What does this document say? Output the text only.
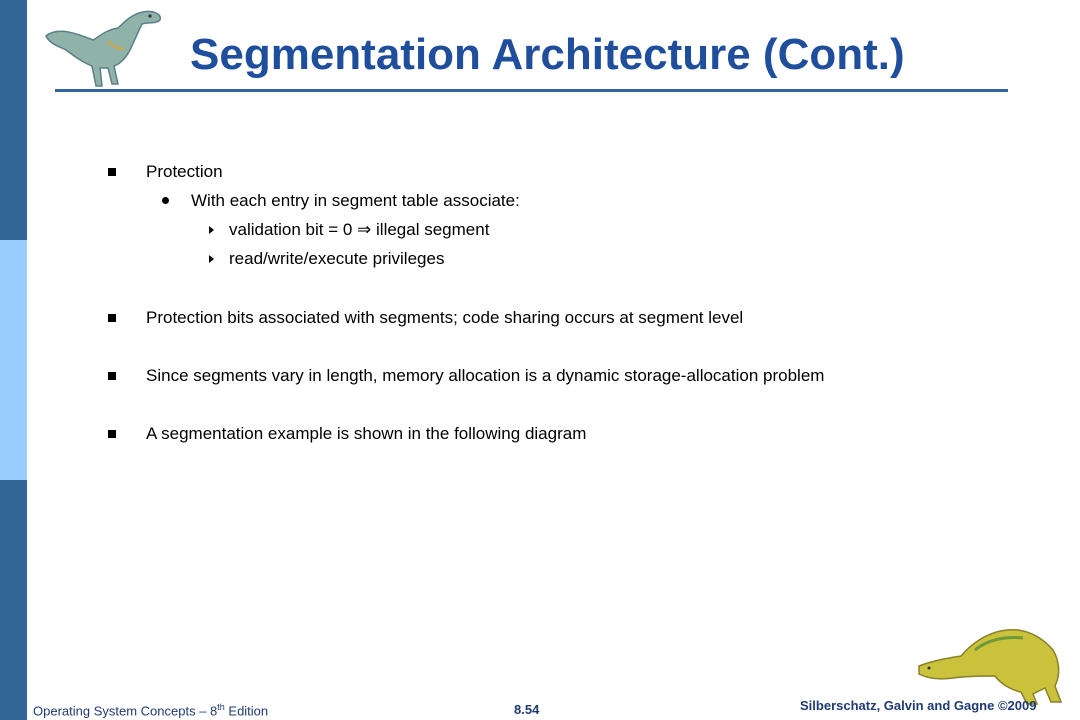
Segmentation Architecture (Cont.)
Protection
With each entry in segment table associate:
validation bit = 0 ⇒ illegal segment
read/write/execute privileges
Protection bits associated with segments; code sharing occurs at segment level
Since segments vary in length, memory allocation is a dynamic storage-allocation problem
A segmentation example is shown in the following diagram
Operating System Concepts – 8th Edition	8.54	Silberschatz, Galvin and Gagne ©2009
